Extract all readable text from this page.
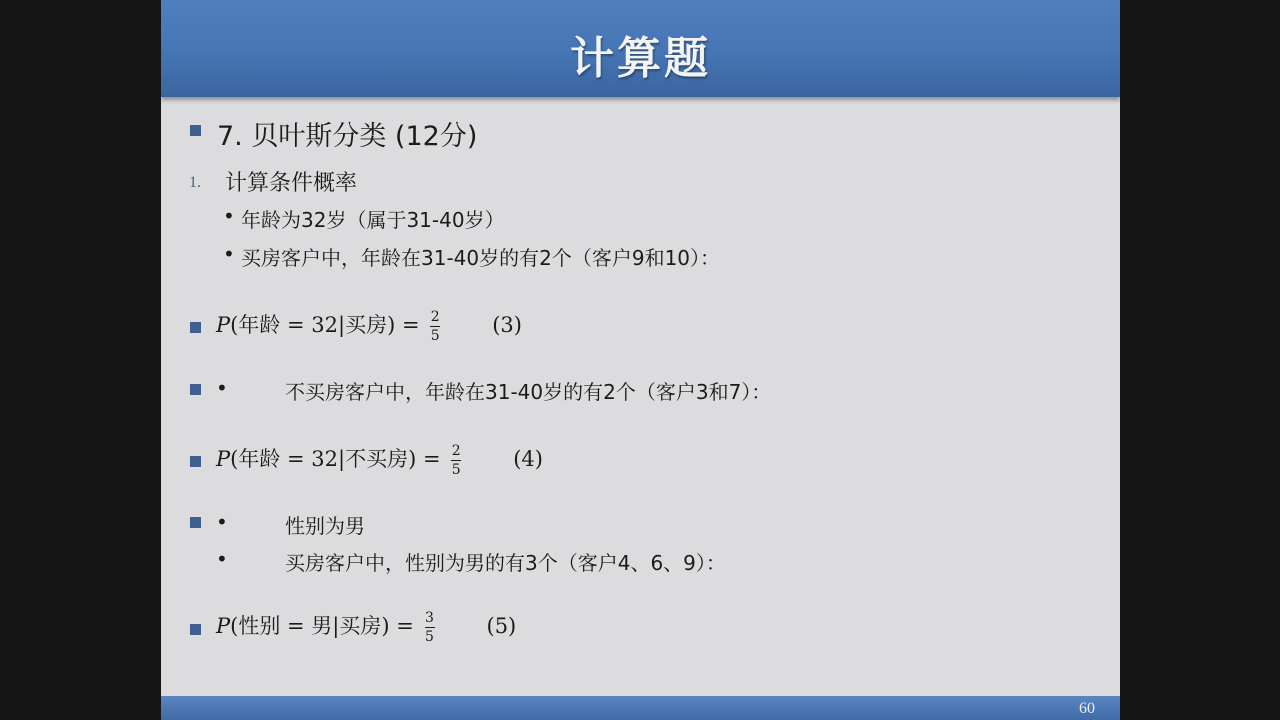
计算题
7. 贝叶斯分类 (12分)
1. 计算条件概率
• 年龄为32岁（属于31-40岁）
• 买房客户中，年龄在31-40岁的有2个（客户9和10）：
P(年龄 = 32|买房) = $\frac{2}{5} (3)$
•	不买房客户中，年龄在31-40岁的有2个（客户3和7）：
P(年龄 = 32|不买房) = $\frac{2}{5} (4)$
•	性别为男
•	买房客户中，性别为男的有3个（客户4、6、9）：
P(性别 = 男|买房) = $\frac{3}{5} (5)$
60
